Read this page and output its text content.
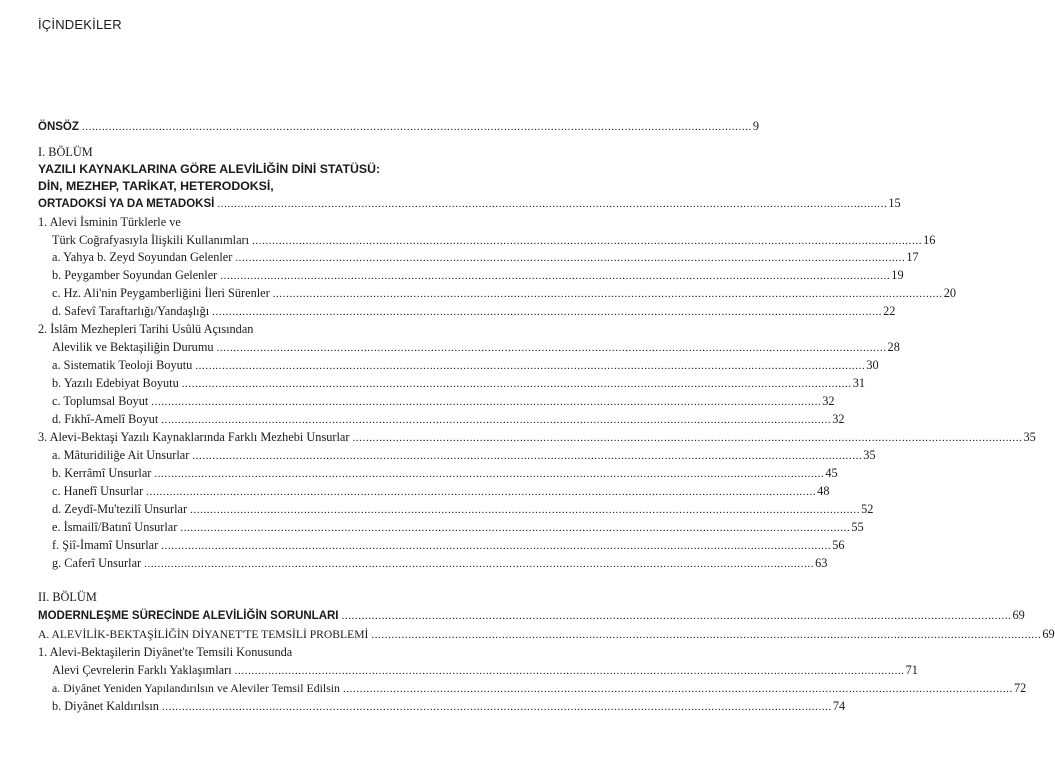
İÇİNDEKİLER
ÖNSÖZ ........................................................................................................................................................................................................ 9
I. BÖLÜM
YAZILI KAYNAKLARINA GÖRE ALEVİLİĞİN DİNİ STATÜSÜ:
DİN, MEZHEP, TARİKAT, HETERODOKSİ,
ORTADOKSİ YA DA METADOKSİ ........................................................................................................................................................................................................ 15
1. Alevi İsminin Türklerle ve
Türk Coğrafyasıyla İlişkili Kullanımları ........................................................................................................................................................................................................ 16
a. Yahya b. Zeyd Soyundan Gelenler ........................................................................................................................................................................................................ 17
b. Peygamber Soyundan Gelenler ........................................................................................................................................................................................................ 19
c. Hz. Ali'nin Peygamberliğini İleri Sürenler ........................................................................................................................................................................................................ 20
d. Safevî Taraftarlığı/Yandaşlığı ........................................................................................................................................................................................................ 22
2. İslâm Mezhepleri Tarihi Usûlü Açısından
Alevilik ve Bektaşiliğin Durumu ........................................................................................................................................................................................................ 28
a. Sistematik Teoloji Boyutu ........................................................................................................................................................................................................ 30
b. Yazılı Edebiyat Boyutu ........................................................................................................................................................................................................ 31
c. Toplumsal Boyut ........................................................................................................................................................................................................ 32
d. Fıkhî-Amelî Boyut ........................................................................................................................................................................................................ 32
3. Alevi-Bektaşi Yazılı Kaynaklarında Farklı Mezhebi Unsurlar ........................................................................................................................................................................................................ 35
a. Mâturidiliğe Ait Unsurlar ........................................................................................................................................................................................................ 35
b. Kerrâmî Unsurlar ........................................................................................................................................................................................................ 45
c. Hanefî Unsurlar ........................................................................................................................................................................................................ 48
d. Zeydî-Mu'tezilî Unsurlar ........................................................................................................................................................................................................ 52
e. İsmailî/Batınî Unsurlar ........................................................................................................................................................................................................ 55
f. Şiî-İmamî Unsurlar ........................................................................................................................................................................................................ 56
g. Caferî Unsurlar ........................................................................................................................................................................................................ 63
II. BÖLÜM
MODERNLEŞME SÜRECİNDE ALEVİLİĞİN SORUNLARI ........................................................................................................................................................................................................ 69
A. ALEVİLİK-BEKTAŞİLİĞİN DİYANET'TE TEMSİLİ PROBLEMİ ........................................................................................................................................................................................................ 69
1. Alevi-Bektaşilerin Diyânet'te Temsili Konusunda
Alevi Çevrelerin Farklı Yaklaşımları ........................................................................................................................................................................................................ 71
a. Diyânet Yeniden Yapılandırılsın ve Aleviler Temsil Edilsin ........................................................................................................................................................................................................ 72
b. Diyânet Kaldırılsın ........................................................................................................................................................................................................ 74
